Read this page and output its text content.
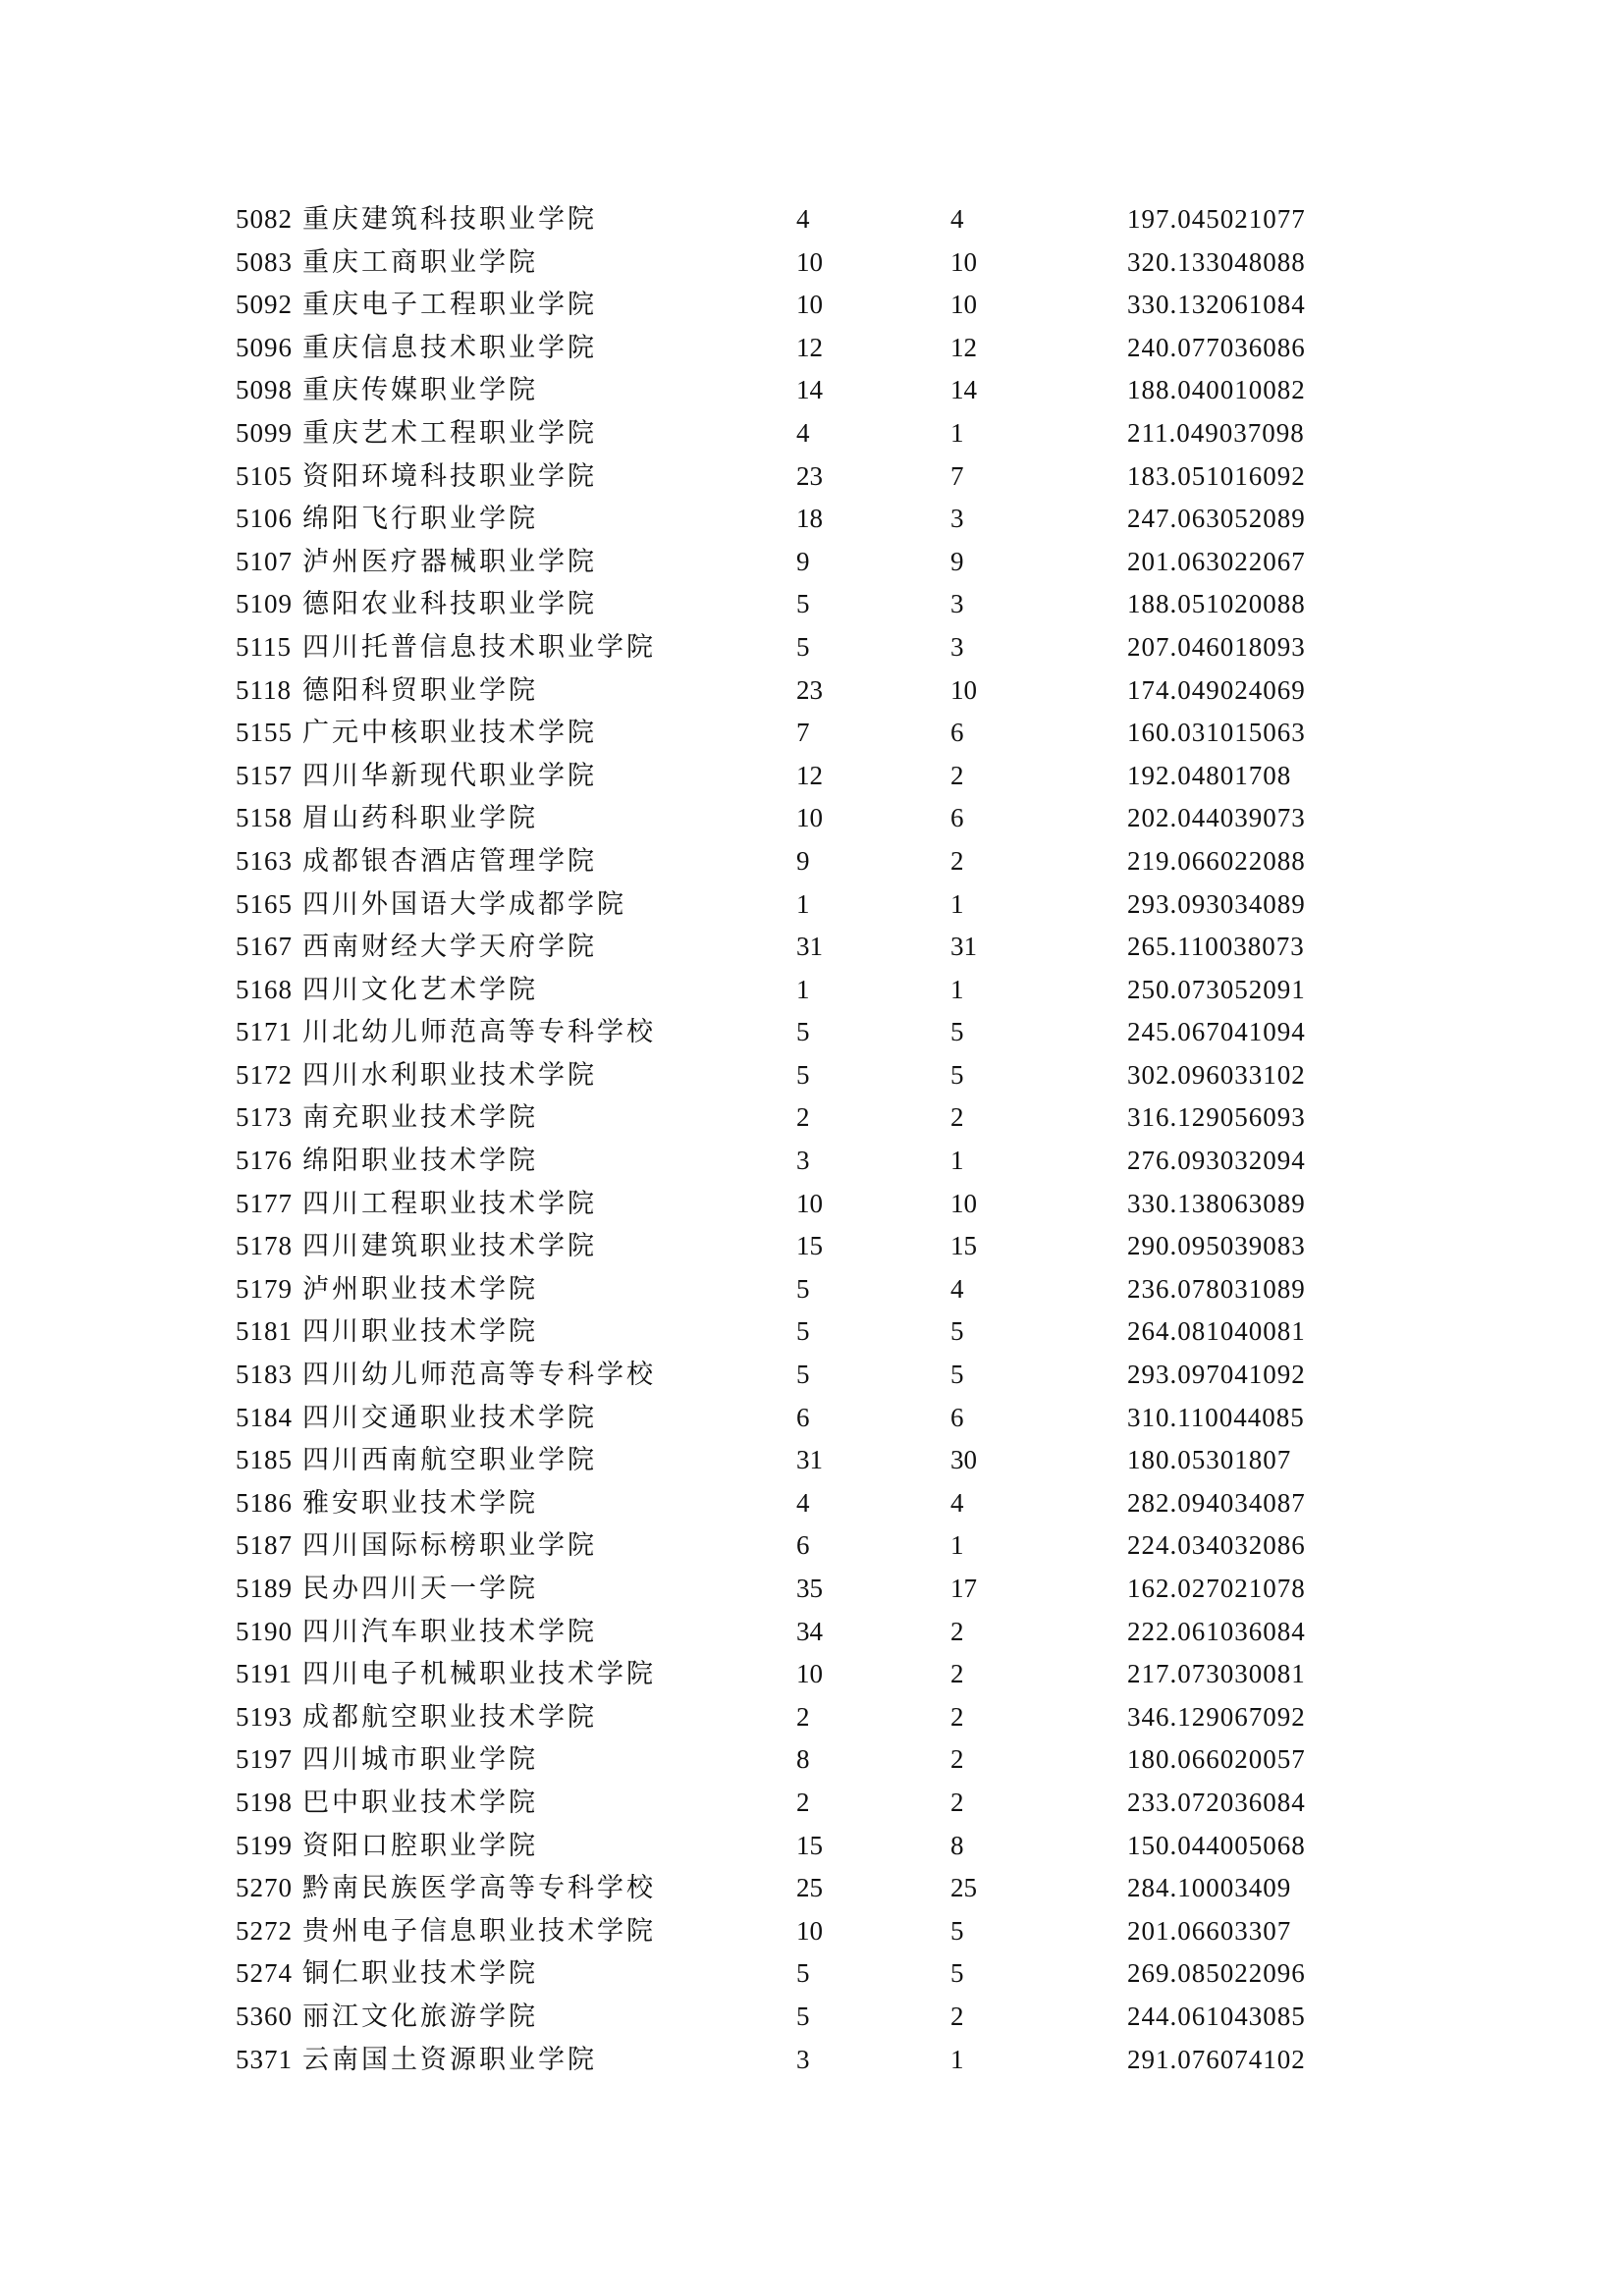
5082 重庆建筑科技职业学院	4	4	197.045021077
5083 重庆工商职业学院	10	10	320.133048088
5092 重庆电子工程职业学院	10	10	330.132061084
5096 重庆信息技术职业学院	12	12	240.077036086
5098 重庆传媒职业学院	14	14	188.040010082
5099 重庆艺术工程职业学院	4	1	211.049037098
5105 资阳环境科技职业学院	23	7	183.051016092
5106 绵阳飞行职业学院	18	3	247.063052089
5107 泸州医疗器械职业学院	9	9	201.063022067
5109 德阳农业科技职业学院	5	3	188.051020088
5115 四川托普信息技术职业学院	5	3	207.046018093
5118 德阳科贸职业学院	23	10	174.049024069
5155 广元中核职业技术学院	7	6	160.031015063
5157 四川华新现代职业学院	12	2	192.04801708
5158 眉山药科职业学院	10	6	202.044039073
5163 成都银杏酒店管理学院	9	2	219.066022088
5165 四川外国语大学成都学院	1	1	293.093034089
5167 西南财经大学天府学院	31	31	265.110038073
5168 四川文化艺术学院	1	1	250.073052091
5171 川北幼儿师范高等专科学校	5	5	245.067041094
5172 四川水利职业技术学院	5	5	302.096033102
5173 南充职业技术学院	2	2	316.129056093
5176 绵阳职业技术学院	3	1	276.093032094
5177 四川工程职业技术学院	10	10	330.138063089
5178 四川建筑职业技术学院	15	15	290.095039083
5179 泸州职业技术学院	5	4	236.078031089
5181 四川职业技术学院	5	5	264.081040081
5183 四川幼儿师范高等专科学校	5	5	293.097041092
5184 四川交通职业技术学院	6	6	310.110044085
5185 四川西南航空职业学院	31	30	180.05301807
5186 雅安职业技术学院	4	4	282.094034087
5187 四川国际标榜职业学院	6	1	224.034032086
5189 民办四川天一学院	35	17	162.027021078
5190 四川汽车职业技术学院	34	2	222.061036084
5191 四川电子机械职业技术学院	10	2	217.073030081
5193 成都航空职业技术学院	2	2	346.129067092
5197 四川城市职业学院	8	2	180.066020057
5198 巴中职业技术学院	2	2	233.072036084
5199 资阳口腔职业学院	15	8	150.044005068
5270 黔南民族医学高等专科学校	25	25	284.10003409
5272 贵州电子信息职业技术学院	10	5	201.06603307
5274 铜仁职业技术学院	5	5	269.085022096
5360 丽江文化旅游学院	5	2	244.061043085
5371 云南国土资源职业学院	3	1	291.076074102
